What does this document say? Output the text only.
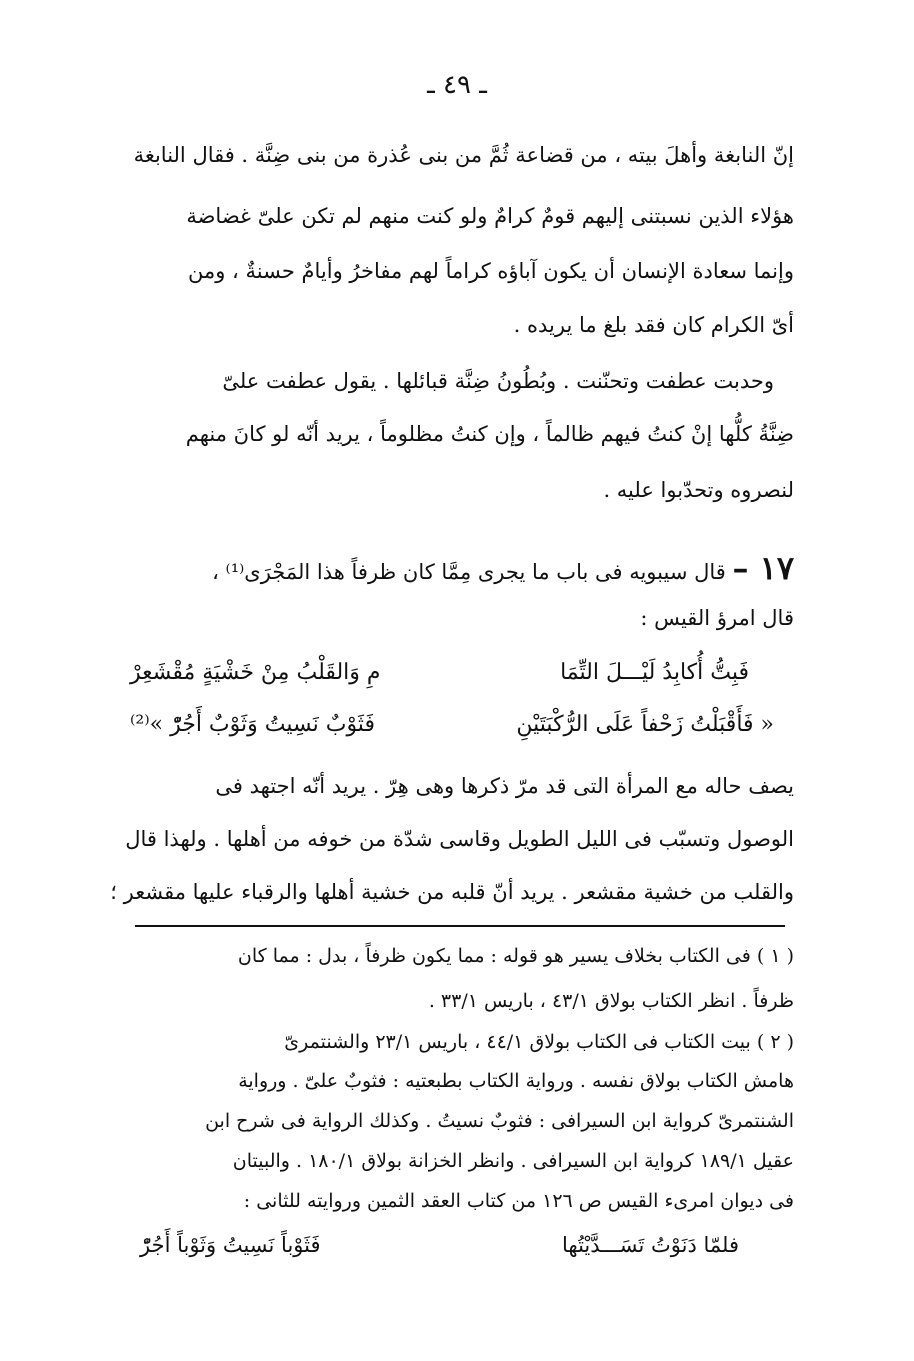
ـ ٤٩ ـ
إنّ النابغة وأهلَ بيته ، من قضاعة ثُمَّ من بنى عُذرة من بنى ضِنَّة . فقال النابغة
هؤلاء الذين نسبتنى إليهم قومٌ كرامٌ ولو كنت منهم لم تكن علىّ غضاضة
وإنما سعادة الإنسان أن يكون آباؤه كراماً لهم مفاخرُ وأيامٌ حسنةٌ ، ومن
أىّ الكرام كان فقد بلغ ما يريده .
وحدبت عطفت وتحنّنت . وبُطُونُ ضِنَّة قبائلها . يقول عطفت علىّ
ضِنَّةُ كلُّها إنْ كنتُ فيهم ظالماً ، وإن كنتُ مظلوماً ، يريد أنّه لو كانَ منهم
لنصروه وتحدّبوا عليه .
١٧ – قال سيبويه فى باب ما يجرى مِمَّا كان ظرفاً هذا المَجْرَى⁽¹⁾ ،
قال امرؤ القيس :
فَبِتُّ أُكابِدُ لَيْـــلَ التِّمَا
مِ وَالقَلْبُ مِنْ خَشْيَةٍ مُقْشَعِرْ
« فَأَقْبَلْتُ زَحْفاً عَلَى الرُّكْبَتَيْنِ
فَثَوْبٌ نَسِيتُ وَثَوْبٌ أَجُرّْ »⁽²⁾
يصف حاله مع المرأة التى قد مرّ ذكرها وهى هِرّ . يريد أنّه اجتهد فى
الوصول وتسبّب فى الليل الطويل وقاسى شدّة من خوفه من أهلها . ولهذا قال
والقلب من خشية مقشعر . يريد أنّ قلبه من خشية أهلها والرقباء عليها مقشعر ؛
( ١ ) فى الكتاب بخلاف يسير هو قوله : مما يكون ظرفاً ، بدل : مما كان
ظرفاً . انظر الكتاب بولاق ٤٣/١ ، باريس ٣٣/١ .
( ٢ ) بيت الكتاب فى الكتاب بولاق ٤٤/١ ، باريس ٢٣/١ والشنتمرىّ
هامش الكتاب بولاق نفسه . ورواية الكتاب بطبعتيه : فثوبٌ علىّ . ورواية
الشنتمرىّ كرواية ابن السيرافى : فثوبٌ نسيتُ . وكذلك الرواية فى شرح ابن
عقيل ١٨٩/١ كرواية ابن السيرافى . وانظر الخزانة بولاق ١٨٠/١ . والبيتان
فى ديوان امرىء القيس ص ١٢٦ من كتاب العقد الثمين وروايته للثانى :
فلمّا دَنَوْتُ تَسَـــدَّيْتُها
فَثَوْباً نَسِيتُ وَثَوْباً أَجُرّْ
